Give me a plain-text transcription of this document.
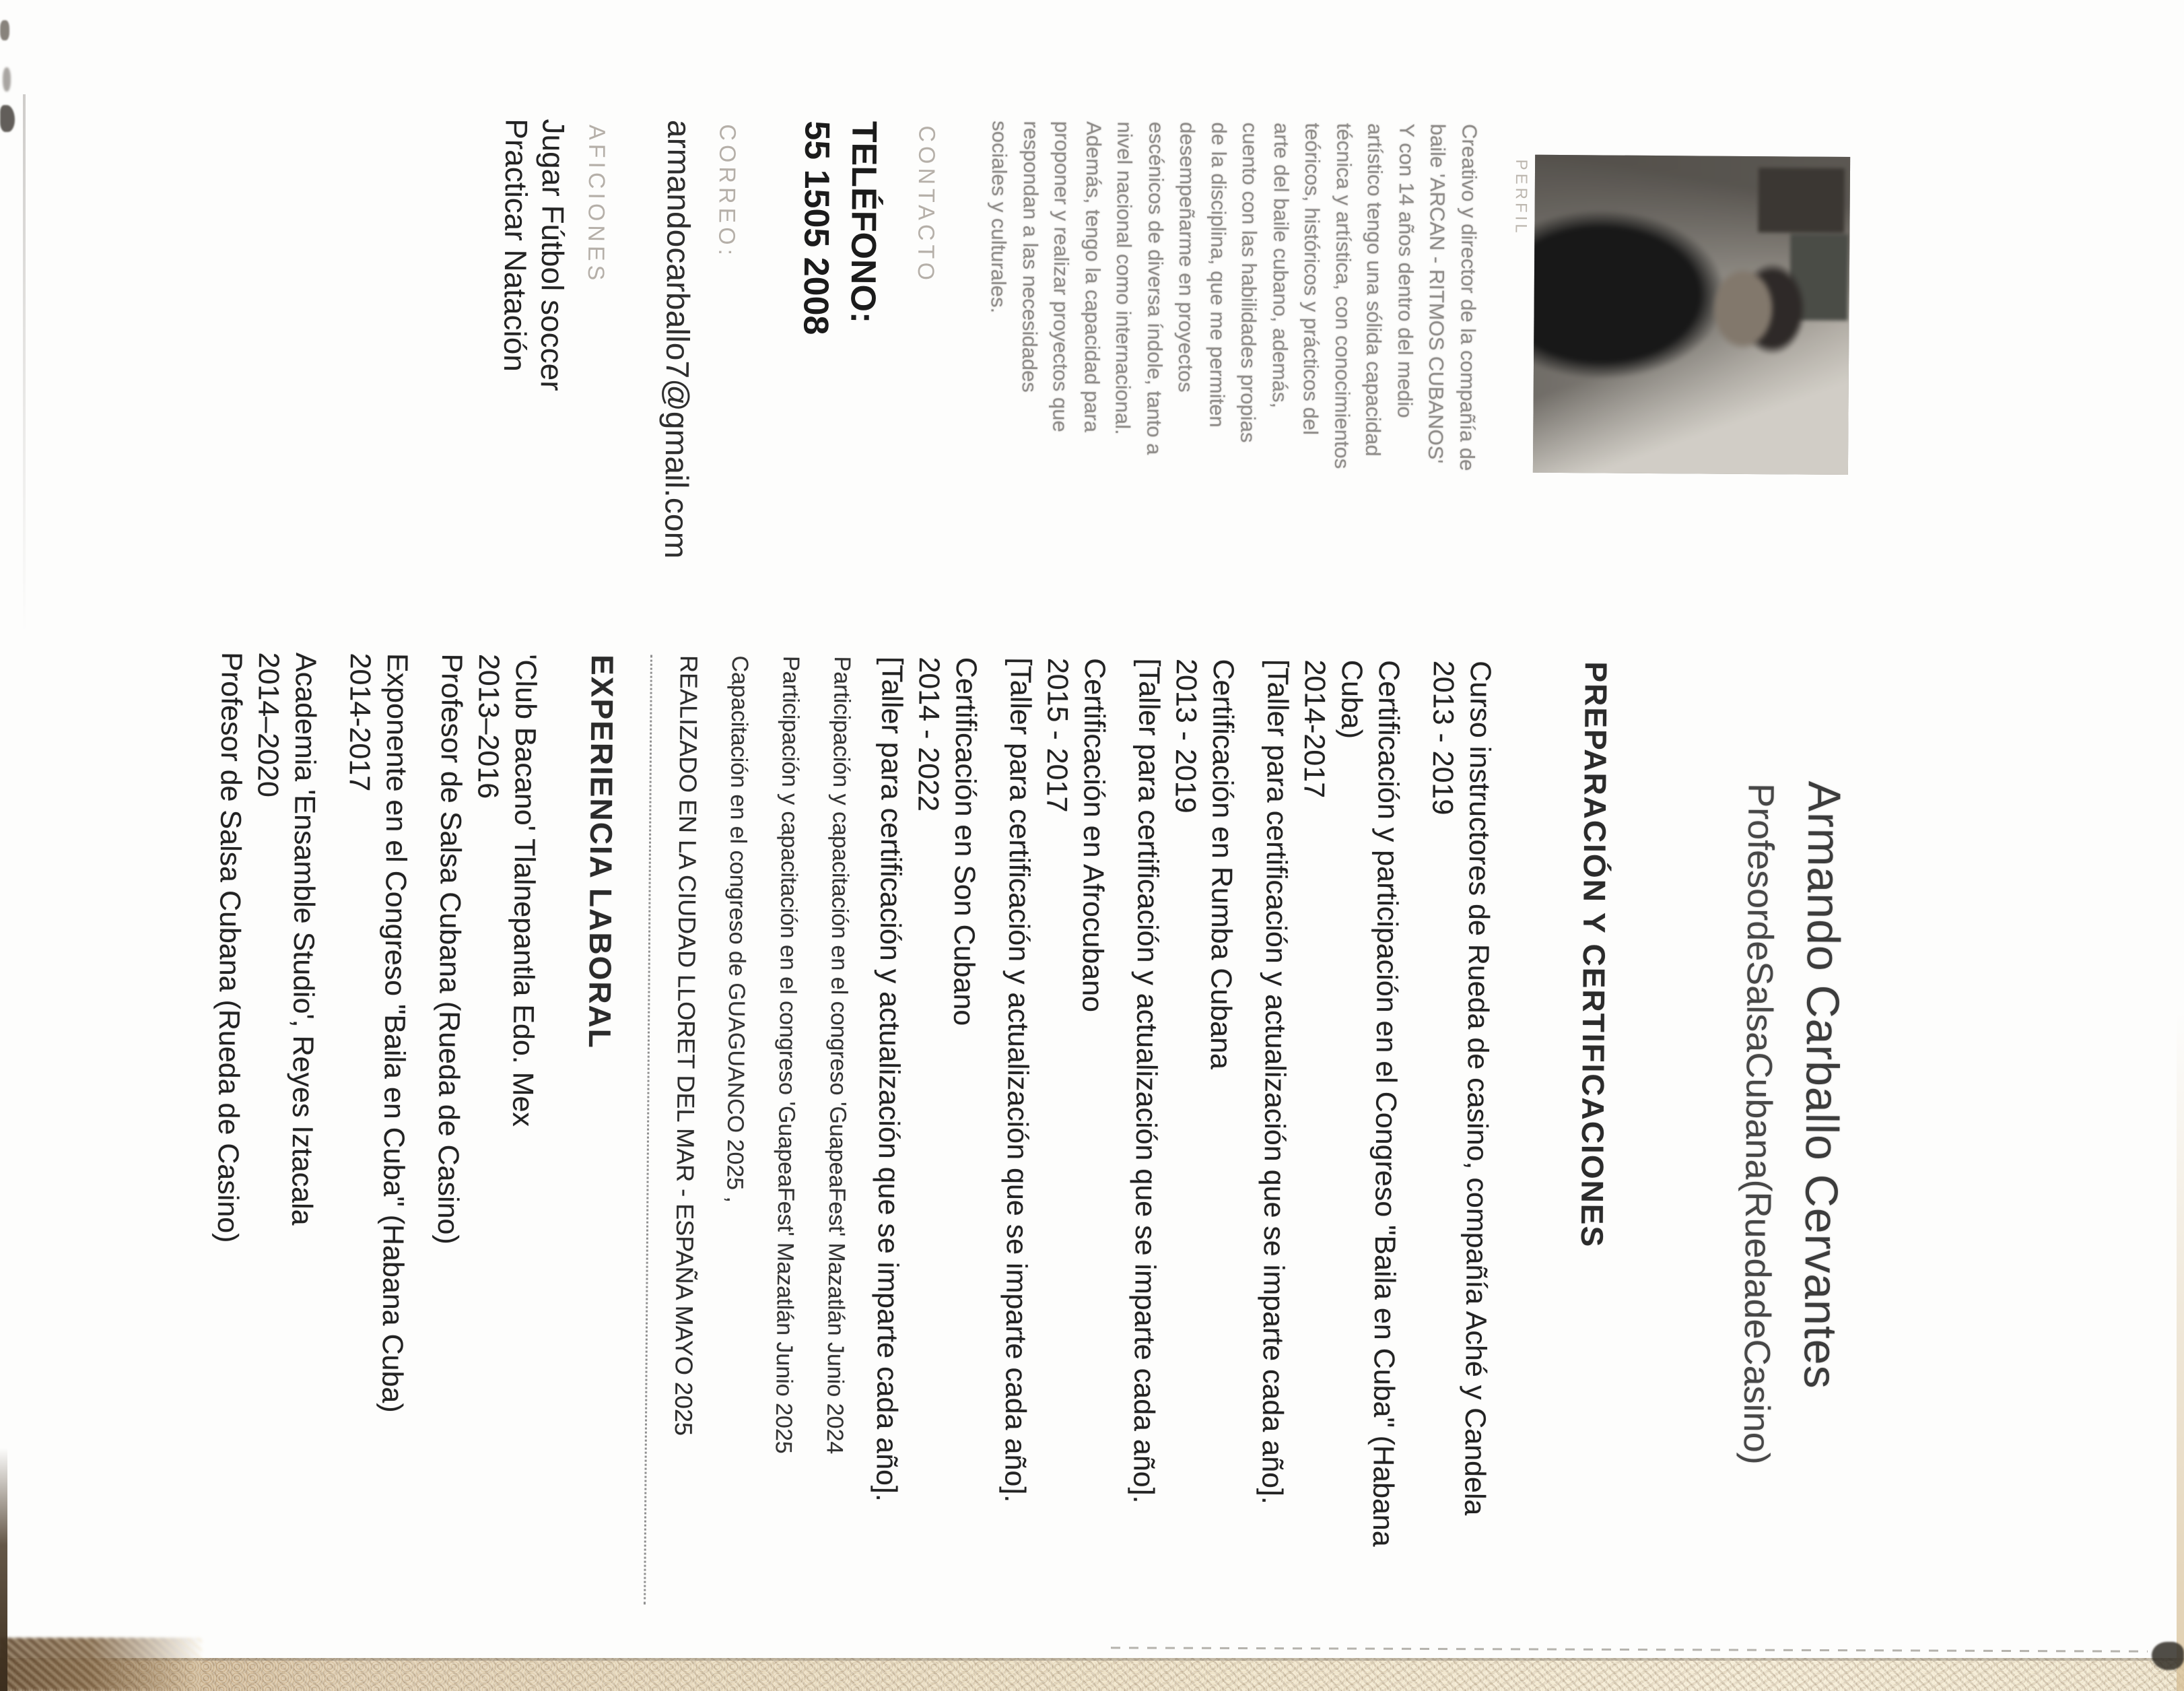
Armando Carballo Cervantes
ProfesordeSalsaCubana(RuedadeCasino)
PERFIL
Creativo y director de la compañía de
baile 'ARCAN - RITMOS CUBANOS'
Y con 14 años dentro del medio
artístico tengo una sólida capacidad
técnica y artística, con conocimientos
teóricos, históricos y prácticos del
arte del baile cubano, además,
cuento con las habilidades propias
de la disciplina, que me permiten
desempeñarme en proyectos
escénicos de diversa índole, tanto a
nivel nacional como internacional.
Además, tengo la capacidad para
proponer y realizar proyectos que
respondan a las necesidades
sociales y culturales.
CONTACTO
TELÉFONO:
55 1505 2008
CORREO:
armandocarballo7@gmail.com
AFICIONES
Jugar Fútbol soccer
Practicar Natación
PREPARACIÓN Y CERTIFICACIONES
Curso instructores de Rueda de casino, compañía Aché y Candela
2013 - 2019
Certificación y participación en el Congreso "Baila en Cuba" (Habana
Cuba)
2014-2017
[Taller para certificación y actualización que se imparte cada año].
Certificación en Rumba Cubana
2013 - 2019
[Taller para certificación y actualización que se imparte cada año].
Certificación en Afrocubano
2015 - 2017
[Taller para certificación y actualización que se imparte cada año].
Certificación en Son Cubano
2014 - 2022
[Taller para certificación y actualización que se imparte cada año].
Participación y capacitación en el congreso 'GuapeaFest' Mazatlán Junio 2024
Participación y capacitación en el congreso 'GuapeaFest' Mazatlán Junio 2025
Capacitación en el congreso de GUAGUANCO 2025 ,
REALIZADO EN LA CIUDAD LLORET DEL MAR - ESPAÑA MAYO 2025
EXPERIENCIA LABORAL
'Club Bacano' Tlalnepantla Edo. Mex
2013–2016
Profesor de Salsa Cubana (Rueda de Casino)
Exponente en el Congreso "Baila en Cuba" (Habana Cuba)
2014-2017
Academia 'Ensamble Studio', Reyes Iztacala
2014–2020
Profesor de Salsa Cubana (Rueda de Casino)
